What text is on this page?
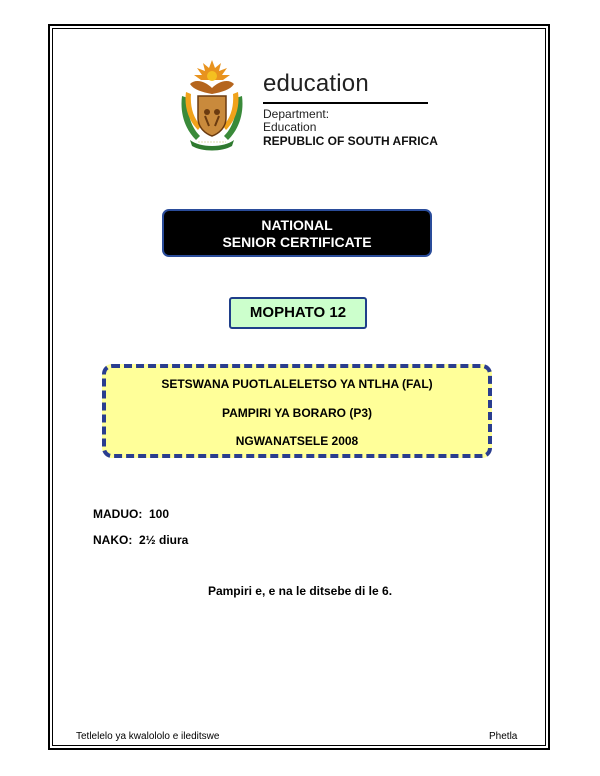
education
Department:
Education
REPUBLIC OF SOUTH AFRICA
NATIONAL
SENIOR CERTIFICATE
MOPHATO 12
SETSWANA PUOTLALELETSO YA NTLHA (FAL)
PAMPIRI YA BORARO (P3)
NGWANATSELE 2008
MADUO: 100
NAKO: 2½ diura
Pampiri e, e na le ditsebe di le 6.
Tetlelelo ya kwalololo e ileditswe	Phetla
